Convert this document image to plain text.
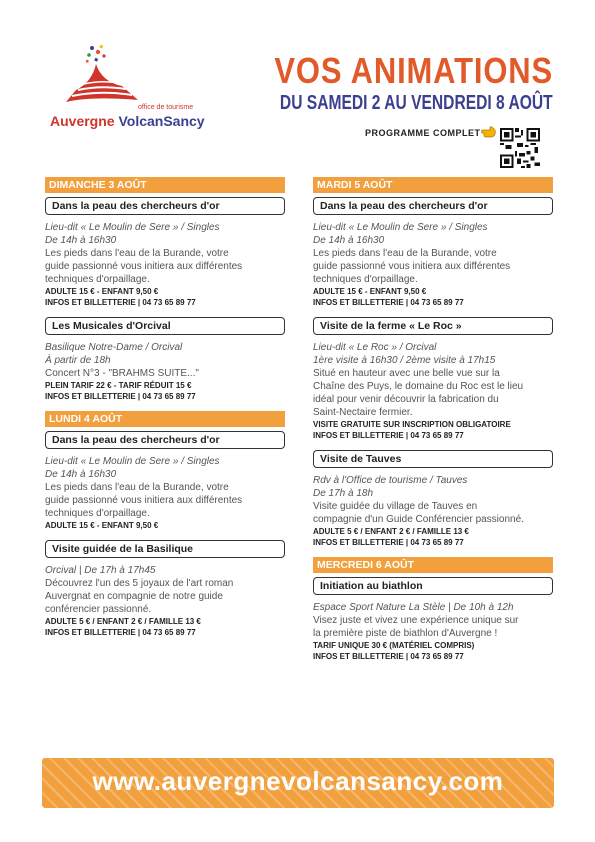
office de tourisme
Auvergne VolcanSancy
VOS ANIMATIONS
DU SAMEDI 2 AU VENDREDI 8 AOÛT
PROGRAMME COMPLET
DIMANCHE 3 AOÛT
Dans la peau des chercheurs d'or
Lieu-dit « Le Moulin de Sere » / Singles
De 14h à 16h30
Les pieds dans l'eau de la Burande, votre
guide passionné vous initiera aux différentes
techniques d'orpaillage.
ADULTE 15 € - ENFANT 9,50 €
INFOS ET BILLETTERIE | 04 73 65 89 77
Les Musicales d'Orcival
Basilique Notre-Dame / Orcival
À partir de 18h
Concert N°3 - "BRAHMS SUITE..."
PLEIN TARIF 22 € - TARIF RÉDUIT 15 €
INFOS ET BILLETTERIE | 04 73 65 89 77
LUNDI 4 AOÛT
Dans la peau des chercheurs d'or
Lieu-dit « Le Moulin de Sere » / Singles
De 14h à 16h30
Les pieds dans l'eau de la Burande, votre
guide passionné vous initiera aux différentes
techniques d'orpaillage.
ADULTE 15 € - ENFANT 9,50 €
Visite guidée de la Basilique
Orcival | De 17h à 17h45
Découvrez l'un des 5 joyaux de l'art roman
Auvergnat en compagnie de notre guide
conférencier passionné.
ADULTE 5 € / ENFANT 2 € / FAMILLE 13 €
INFOS ET BILLETTERIE | 04 73 65 89 77
MARDI 5 AOÛT
Dans la peau des chercheurs d'or
Lieu-dit « Le Moulin de Sere » / Singles
De 14h à 16h30
Les pieds dans l'eau de la Burande, votre
guide passionné vous initiera aux différentes
techniques d'orpaillage.
ADULTE 15 € - ENFANT 9,50 €
INFOS ET BILLETTERIE | 04 73 65 89 77
Visite de la ferme « Le Roc »
Lieu-dit « Le Roc » / Orcival
1ère visite à 16h30 / 2ème visite à 17h15
Situé en hauteur avec une belle vue sur la
Chaîne des Puys, le domaine du Roc est le lieu
idéal pour venir découvrir la fabrication du
Saint-Nectaire fermier.
VISITE GRATUITE SUR INSCRIPTION OBLIGATOIRE
INFOS ET BILLETTERIE | 04 73 65 89 77
Visite de Tauves
Rdv à l'Office de tourisme / Tauves
De 17h à 18h
Visite guidée du village de Tauves en
compagnie d'un Guide Conférencier passionné.
ADULTE 5 € / ENFANT 2 € / FAMILLE 13 €
INFOS ET BILLETTERIE | 04 73 65 89 77
MERCREDI 6 AOÛT
Initiation au biathlon
Espace Sport Nature La Stèle | De 10h à 12h
Visez juste et vivez une expérience unique sur
la première piste de biathlon d'Auvergne !
TARIF UNIQUE 30 € (MATÉRIEL COMPRIS)
INFOS ET BILLETTERIE | 04 73 65 89 77
www.auvergnevolcansancy.com
